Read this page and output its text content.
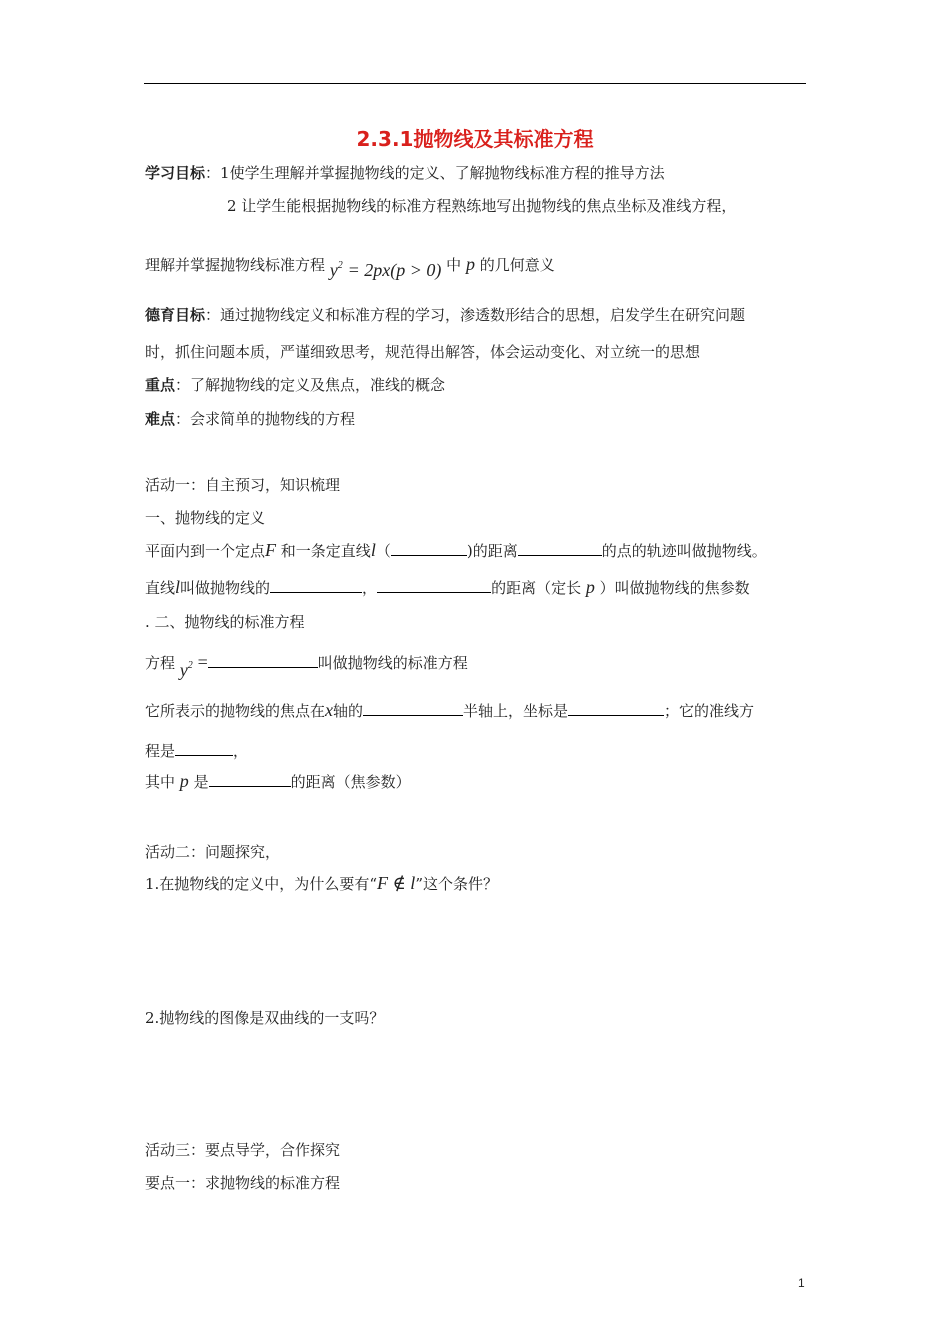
2.3.1抛物线及其标准方程
学习目标：1使学生理解并掌握抛物线的定义、了解抛物线标准方程的推导方法
2 让学生能根据抛物线的标准方程熟练地写出抛物线的焦点坐标及准线方程，
理解并掌握抛物线标准方程 $y^2 = 2px(p > 0)$ 中 p 的几何意义
德育目标：通过抛物线定义和标准方程的学习，渗透数形结合的思想，启发学生在研究问题
时，抓住问题本质，严谨细致思考，规范得出解答，体会运动变化、对立统一的思想
重点：了解抛物线的定义及焦点，准线的概念
难点：会求简单的抛物线的方程
活动一：自主预习，知识梳理
一、抛物线的定义
平面内到一个定点F 和一条定直线l（	)的距离	的点的轨迹叫做抛物线。
直线l叫做抛物线的	，	的距离（定长 p ）叫做抛物线的焦参数
. 二、抛物线的标准方程
方程 $y^2$ =	叫做抛物线的标准方程
它所表示的抛物线的焦点在x轴的	半轴上，坐标是	；它的准线方
程是	，
其中 p 是	的距离（焦参数）
活动二：问题探究，
1.在抛物线的定义中，为什么要有“F ∉ l”这个条件？
2.抛物线的图像是双曲线的一支吗？
活动三：要点导学，合作探究
要点一：求抛物线的标准方程
1
